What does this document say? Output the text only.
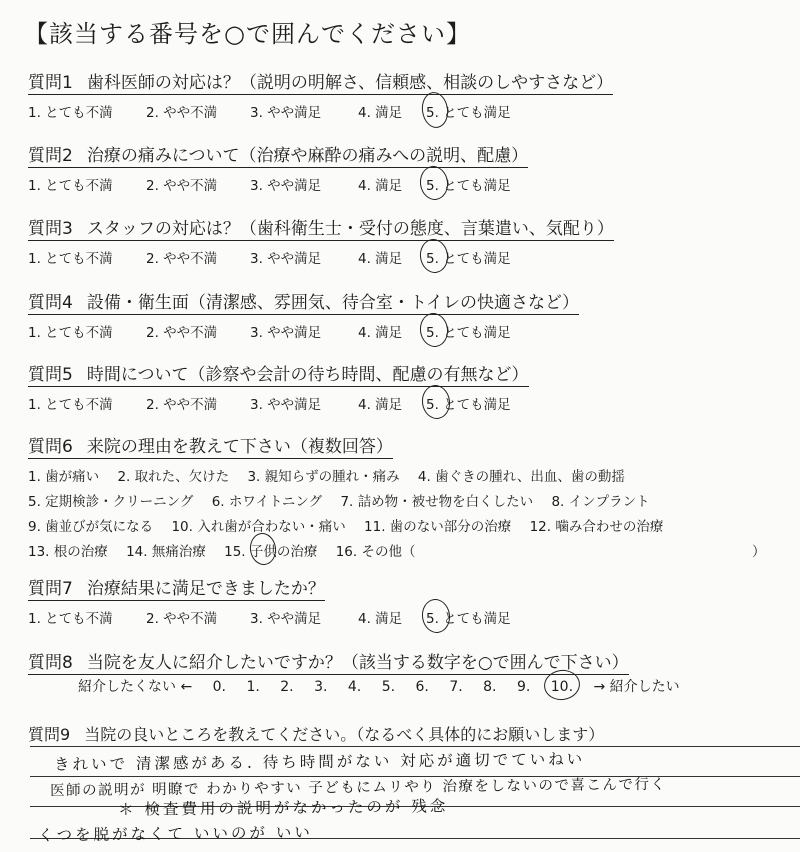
【該当する番号を○で囲んでください】
質問1 歯科医師の対応は？（説明の明解さ、信頼感、相談のしやすさなど）
1. とても不満 2. やや不満 3. やや満足	4. 満足 5. とても満足
質問2 治療の痛みについて（治療や麻酔の痛みへの説明、配慮）
1. とても不満 2. やや不満 3. やや満足	4. 満足 5. とても満足
質問3 スタッフの対応は？（歯科衛生士・受付の態度、言葉遣い、気配り）
1. とても不満 2. やや不満 3. やや満足	4. 満足 5. とても満足
質問4 設備・衛生面（清潔感、雰囲気、待合室・トイレの快適さなど）
1. とても不満 2. やや不満 3. やや満足	4. 満足 5. とても満足
質問5 時間について（診察や会計の待ち時間、配慮の有無など）
1. とても不満 2. やや不満 3. やや満足	4. 満足 5. とても満足
質問6 来院の理由を教えて下さい（複数回答）
1. 歯が痛い 2. 取れた、欠けた 3. 親知らずの腫れ・痛み 4. 歯ぐきの腫れ、出血、歯の動揺
5. 定期検診・クリーニング 6. ホワイトニング 7. 詰め物・被せ物を白くしたい 8. インプラント
9. 歯並びが気になる 10. 入れ歯が合わない・痛い 11. 歯のない部分の治療 12. 噛み合わせの治療
13. 根の治療 14. 無痛治療 15. 子供の治療 16. その他（	）
質問7 治療結果に満足できましたか？
1. とても不満 2. やや不満 3. やや満足	4. 満足 5. とても満足
質問8 当院を友人に紹介したいですか？（該当する数字を○で囲んで下さい）
紹介したくない ← 0. 1. 2. 3. 4. 5. 6. 7. 8. 9. 10. → 紹介したい
質問9 当院の良いところを教えてください。（なるべく具体的にお願いします）
きれいで 清潔感がある. 待ち時間がない 対応が適切でていねい
医師の説明が 明瞭で わかりやすい 子どもにムリやり 治療をしないので喜こんで行く
＊ 検査費用の説明がなかったのが 残念
くつを脱がなくて いいのが いい
